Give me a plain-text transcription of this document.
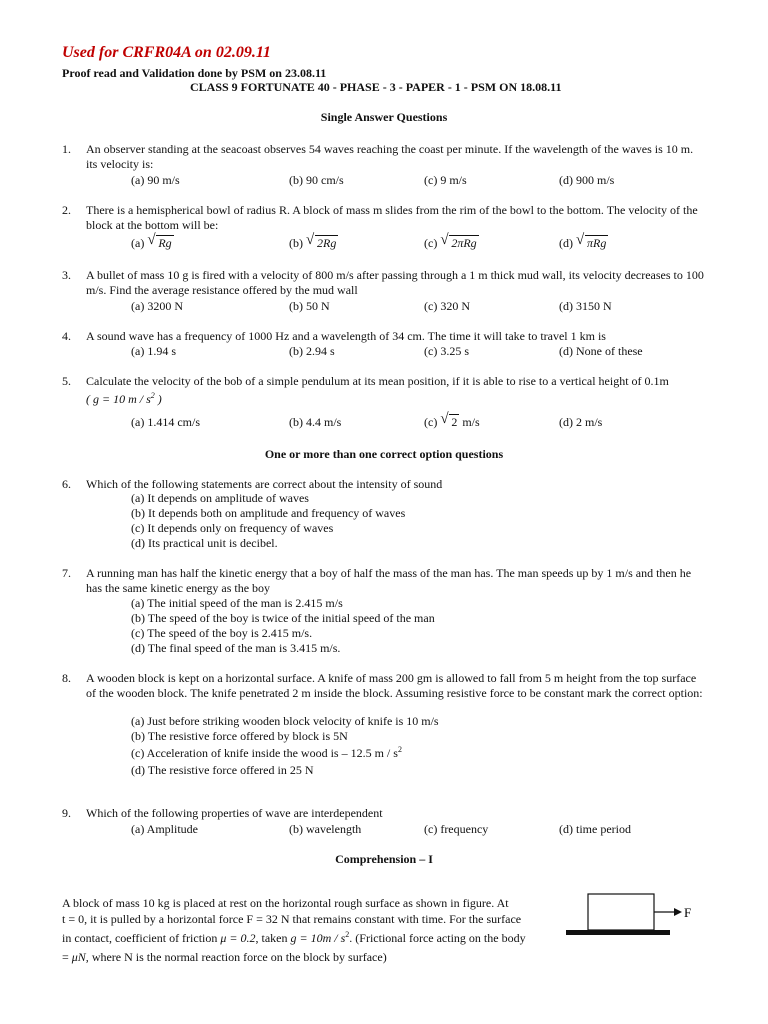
Used for CRFR04A on 02.09.11
Proof read and Validation done by PSM on 23.08.11
CLASS 9 FORTUNATE 40 - PHASE - 3 - PAPER - 1 - PSM ON 18.08.11
Single Answer Questions
1. An observer standing at the seacoast observes 54 waves reaching the coast per minute. If the wavelength of the waves is 10 m. its velocity is:
(a) 90 m/s	(b) 90 cm/s	(c) 9 m/s	(d) 900 m/s
2. There is a hemispherical bowl of radius R. A block of mass m slides from the rim of the bowl to the bottom. The velocity of the block at the bottom will be:
(a) √ Rg	(b) √ 2Rg	(c) √ 2πRg	(d) √ πRg
3. A bullet of mass 10 g is fired with a velocity of 800 m/s after passing through a 1 m thick mud wall, its velocity decreases to 100 m/s. Find the average resistance offered by the mud wall
(a) 3200 N	(b) 50 N	(c) 320 N	(d) 3150 N
4. A sound wave has a frequency of 1000 Hz and a wavelength of 34 cm. The time it will take to travel 1 km is
(a) 1.94 s	(b) 2.94 s	(c) 3.25 s	(d) None of these
5. Calculate the velocity of the bob of a simple pendulum at its mean position, if it is able to rise to a vertical height of 0.1m
( g = 10 m / $s^2$ )
(a) 1.414 cm/s	(b) 4.4 m/s	(c) √ 2 m/s	(d) 2 m/s
One or more than one correct option questions
6. Which of the following statements are correct about the intensity of sound
(a) It depends on amplitude of waves
(b) It depends both on amplitude and frequency of waves
(c) It depends only on frequency of waves
(d) Its practical unit is decibel.
7. A running man has half the kinetic energy that a boy of half the mass of the man has. The man speeds up by 1 m/s and then he has the same kinetic energy as the boy
(a) The initial speed of the man is 2.415 m/s
(b) The speed of the boy is twice of the initial speed of the man
(c) The speed of the boy is 2.415 m/s.
(d) The final speed of the man is 3.415 m/s.
8. A wooden block is kept on a horizontal surface. A knife of mass 200 gm is allowed to fall from 5 m height from the top surface of the wooden block. The knife penetrated 2 m inside the block. Assuming resistive force to be constant mark the correct option:
(a) Just before striking wooden block velocity of knife is 10 m/s
(b) The resistive force offered by block is 5N
(c) Acceleration of knife inside the wood is – 12.5 m / $s^2$
(d) The resistive force offered in 25 N
9. Which of the following properties of wave are interdependent
(a) Amplitude	(b) wavelength	(c) frequency	(d) time period
Comprehension – I
A block of mass 10 kg is placed at rest on the horizontal rough surface as shown in figure. At
t = 0, it is pulled by a horizontal force F = 32 N that remains constant with time. For the surface
in contact, coefficient of friction μ = 0.2, taken $g = 10m / s^2$. (Frictional force acting on the body
= μN, where N is the normal reaction force on the block by surface)
F
